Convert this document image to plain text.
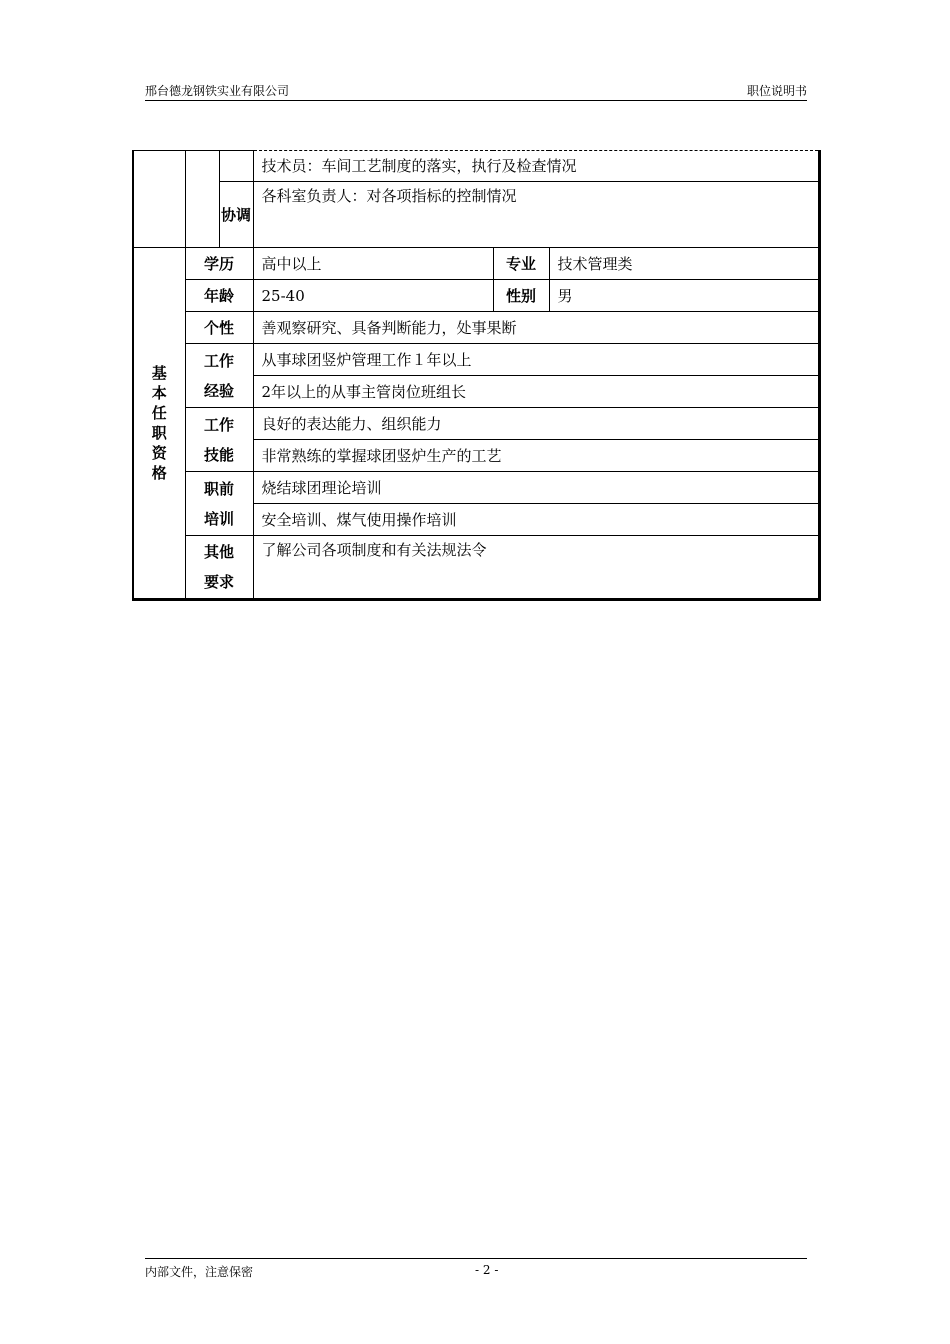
邢台德龙钢铁实业有限公司	职位说明书
			技术员：车间工艺制度的落实，执行及检查情况		
		协调	各科室负责人：对各项指标的控制情况		

基本任职资格	学历		高中以上	专业	技术管理类
	年龄		25-40	性别	男
	个性		善观察研究、具备判断能力，处事果断		

	工作经验		从事球团竖炉管理工作１年以上		
			2年以上的从事主管岗位班组长		

	工作技能		良好的表达能力、组织能力		
			非常熟练的掌握球团竖炉生产的工艺		

	职前培训		烧结球团理论培训		
			安全培训、煤气使用操作培训		

	其他要求		了解公司各项制度和有关法规法令		

内部文件，注意保密	- 2 -
